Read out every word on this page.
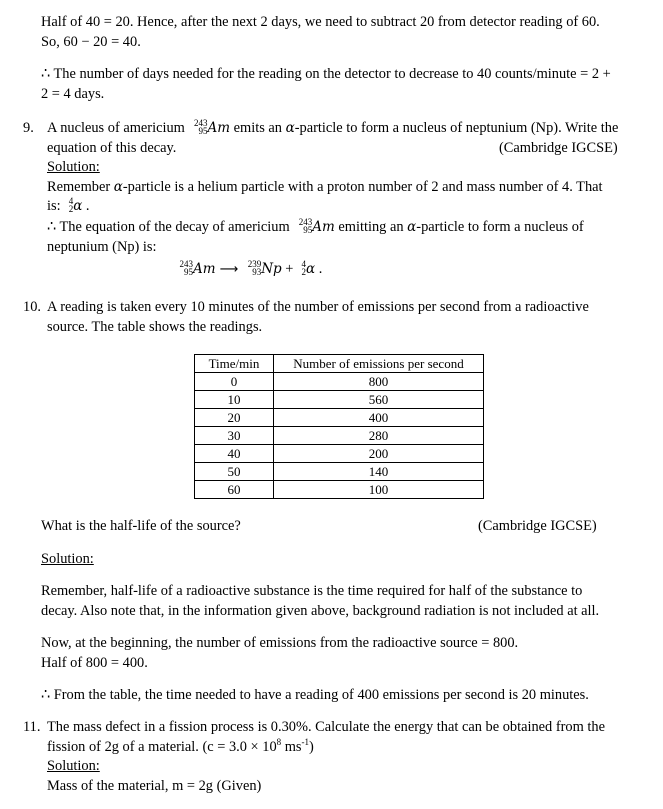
Half of 40 = 20. Hence, after the next 2 days, we need to subtract 20 from detector reading of 60.
So, 60 − 20 = 40.
∴ The number of days needed for the reading on the detector to decrease to 40 counts/minute = 2 +
2 = 4 days.
9. A nucleus of americium 243
95 Am emits an α-particle to form a nucleus of neptunium (Np). Write the
equation of this decay.	(Cambridge IGCSE)
Solution:
Remember α-particle is a helium particle with a proton number of 2 and mass number of 4. That
is: 4
2 α .
∴ The equation of the decay of americium 243
95 Am emitting an α-particle to form a nucleus of
neptunium (Np) is:
243
95 Am ⟶ 239
93 Np + 4
2 α .
10. A reading is taken every 10 minutes of the number of emissions per second from a radioactive
source. The table shows the readings.
Time/min	Number of emissions per second
0	800
10	560
20	400
30	280
40	200
50	140
60	100
What is the half-life of the source?	(Cambridge IGCSE)
Solution:
Remember, half-life of a radioactive substance is the time required for half of the substance to
decay. Also note that, in the information given above, background radiation is not included at all.
Now, at the beginning, the number of emissions from the radioactive source = 800.
Half of 800 = 400.
∴ From the table, the time needed to have a reading of 400 emissions per second is 20 minutes.
11. The mass defect in a fission process is 0.30%. Calculate the energy that can be obtained from the
fission of 2g of a material. ($c = 3.0 \times 10^8$ $ms^{-1}$)
Solution:
Mass of the material, m = 2g (Given)
